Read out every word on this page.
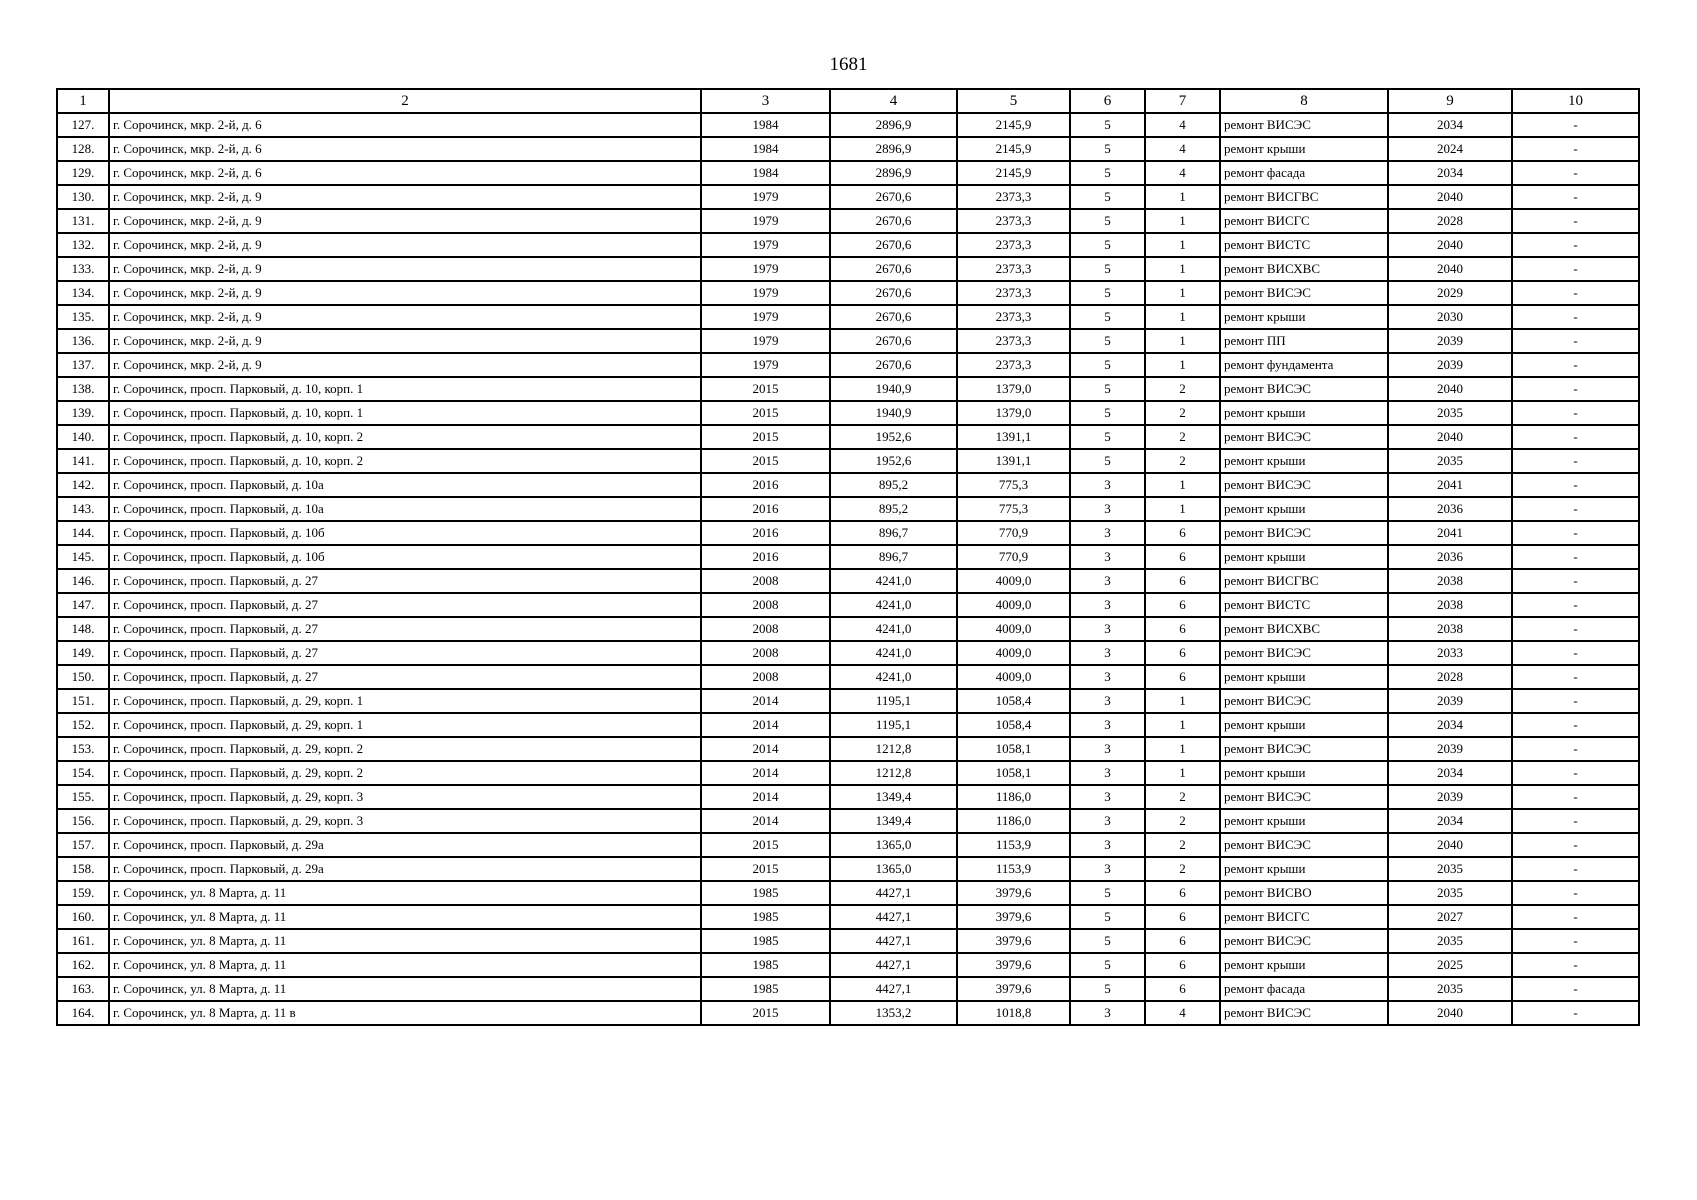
1681
1	2	3	4	5	6	7	8	9	10
127.	г. Сорочинск, мкр. 2-й, д. 6	1984	2896,9	2145,9	5	4	ремонт ВИСЭС	2034	-
128.	г. Сорочинск, мкр. 2-й, д. 6	1984	2896,9	2145,9	5	4	ремонт крыши	2024	-
129.	г. Сорочинск, мкр. 2-й, д. 6	1984	2896,9	2145,9	5	4	ремонт фасада	2034	-
130.	г. Сорочинск, мкр. 2-й, д. 9	1979	2670,6	2373,3	5	1	ремонт ВИСГВС	2040	-
131.	г. Сорочинск, мкр. 2-й, д. 9	1979	2670,6	2373,3	5	1	ремонт ВИСГС	2028	-
132.	г. Сорочинск, мкр. 2-й, д. 9	1979	2670,6	2373,3	5	1	ремонт ВИСТС	2040	-
133.	г. Сорочинск, мкр. 2-й, д. 9	1979	2670,6	2373,3	5	1	ремонт ВИСХВС	2040	-
134.	г. Сорочинск, мкр. 2-й, д. 9	1979	2670,6	2373,3	5	1	ремонт ВИСЭС	2029	-
135.	г. Сорочинск, мкр. 2-й, д. 9	1979	2670,6	2373,3	5	1	ремонт крыши	2030	-
136.	г. Сорочинск, мкр. 2-й, д. 9	1979	2670,6	2373,3	5	1	ремонт ПП	2039	-
137.	г. Сорочинск, мкр. 2-й, д. 9	1979	2670,6	2373,3	5	1	ремонт фундамента	2039	-
138.	г. Сорочинск, просп. Парковый, д. 10, корп. 1	2015	1940,9	1379,0	5	2	ремонт ВИСЭС	2040	-
139.	г. Сорочинск, просп. Парковый, д. 10, корп. 1	2015	1940,9	1379,0	5	2	ремонт крыши	2035	-
140.	г. Сорочинск, просп. Парковый, д. 10, корп. 2	2015	1952,6	1391,1	5	2	ремонт ВИСЭС	2040	-
141.	г. Сорочинск, просп. Парковый, д. 10, корп. 2	2015	1952,6	1391,1	5	2	ремонт крыши	2035	-
142.	г. Сорочинск, просп. Парковый, д. 10а	2016	895,2	775,3	3	1	ремонт ВИСЭС	2041	-
143.	г. Сорочинск, просп. Парковый, д. 10а	2016	895,2	775,3	3	1	ремонт крыши	2036	-
144.	г. Сорочинск, просп. Парковый, д. 10б	2016	896,7	770,9	3	6	ремонт ВИСЭС	2041	-
145.	г. Сорочинск, просп. Парковый, д. 10б	2016	896,7	770,9	3	6	ремонт крыши	2036	-
146.	г. Сорочинск, просп. Парковый, д. 27	2008	4241,0	4009,0	3	6	ремонт ВИСГВС	2038	-
147.	г. Сорочинск, просп. Парковый, д. 27	2008	4241,0	4009,0	3	6	ремонт ВИСТС	2038	-
148.	г. Сорочинск, просп. Парковый, д. 27	2008	4241,0	4009,0	3	6	ремонт ВИСХВС	2038	-
149.	г. Сорочинск, просп. Парковый, д. 27	2008	4241,0	4009,0	3	6	ремонт ВИСЭС	2033	-
150.	г. Сорочинск, просп. Парковый, д. 27	2008	4241,0	4009,0	3	6	ремонт крыши	2028	-
151.	г. Сорочинск, просп. Парковый, д. 29, корп. 1	2014	1195,1	1058,4	3	1	ремонт ВИСЭС	2039	-
152.	г. Сорочинск, просп. Парковый, д. 29, корп. 1	2014	1195,1	1058,4	3	1	ремонт крыши	2034	-
153.	г. Сорочинск, просп. Парковый, д. 29, корп. 2	2014	1212,8	1058,1	3	1	ремонт ВИСЭС	2039	-
154.	г. Сорочинск, просп. Парковый, д. 29, корп. 2	2014	1212,8	1058,1	3	1	ремонт крыши	2034	-
155.	г. Сорочинск, просп. Парковый, д. 29, корп. 3	2014	1349,4	1186,0	3	2	ремонт ВИСЭС	2039	-
156.	г. Сорочинск, просп. Парковый, д. 29, корп. 3	2014	1349,4	1186,0	3	2	ремонт крыши	2034	-
157.	г. Сорочинск, просп. Парковый, д. 29а	2015	1365,0	1153,9	3	2	ремонт ВИСЭС	2040	-
158.	г. Сорочинск, просп. Парковый, д. 29а	2015	1365,0	1153,9	3	2	ремонт крыши	2035	-
159.	г. Сорочинск, ул. 8 Марта, д. 11	1985	4427,1	3979,6	5	6	ремонт ВИСВО	2035	-
160.	г. Сорочинск, ул. 8 Марта, д. 11	1985	4427,1	3979,6	5	6	ремонт ВИСГС	2027	-
161.	г. Сорочинск, ул. 8 Марта, д. 11	1985	4427,1	3979,6	5	6	ремонт ВИСЭС	2035	-
162.	г. Сорочинск, ул. 8 Марта, д. 11	1985	4427,1	3979,6	5	6	ремонт крыши	2025	-
163.	г. Сорочинск, ул. 8 Марта, д. 11	1985	4427,1	3979,6	5	6	ремонт фасада	2035	-
164.	г. Сорочинск, ул. 8 Марта, д. 11 в	2015	1353,2	1018,8	3	4	ремонт ВИСЭС	2040	-
